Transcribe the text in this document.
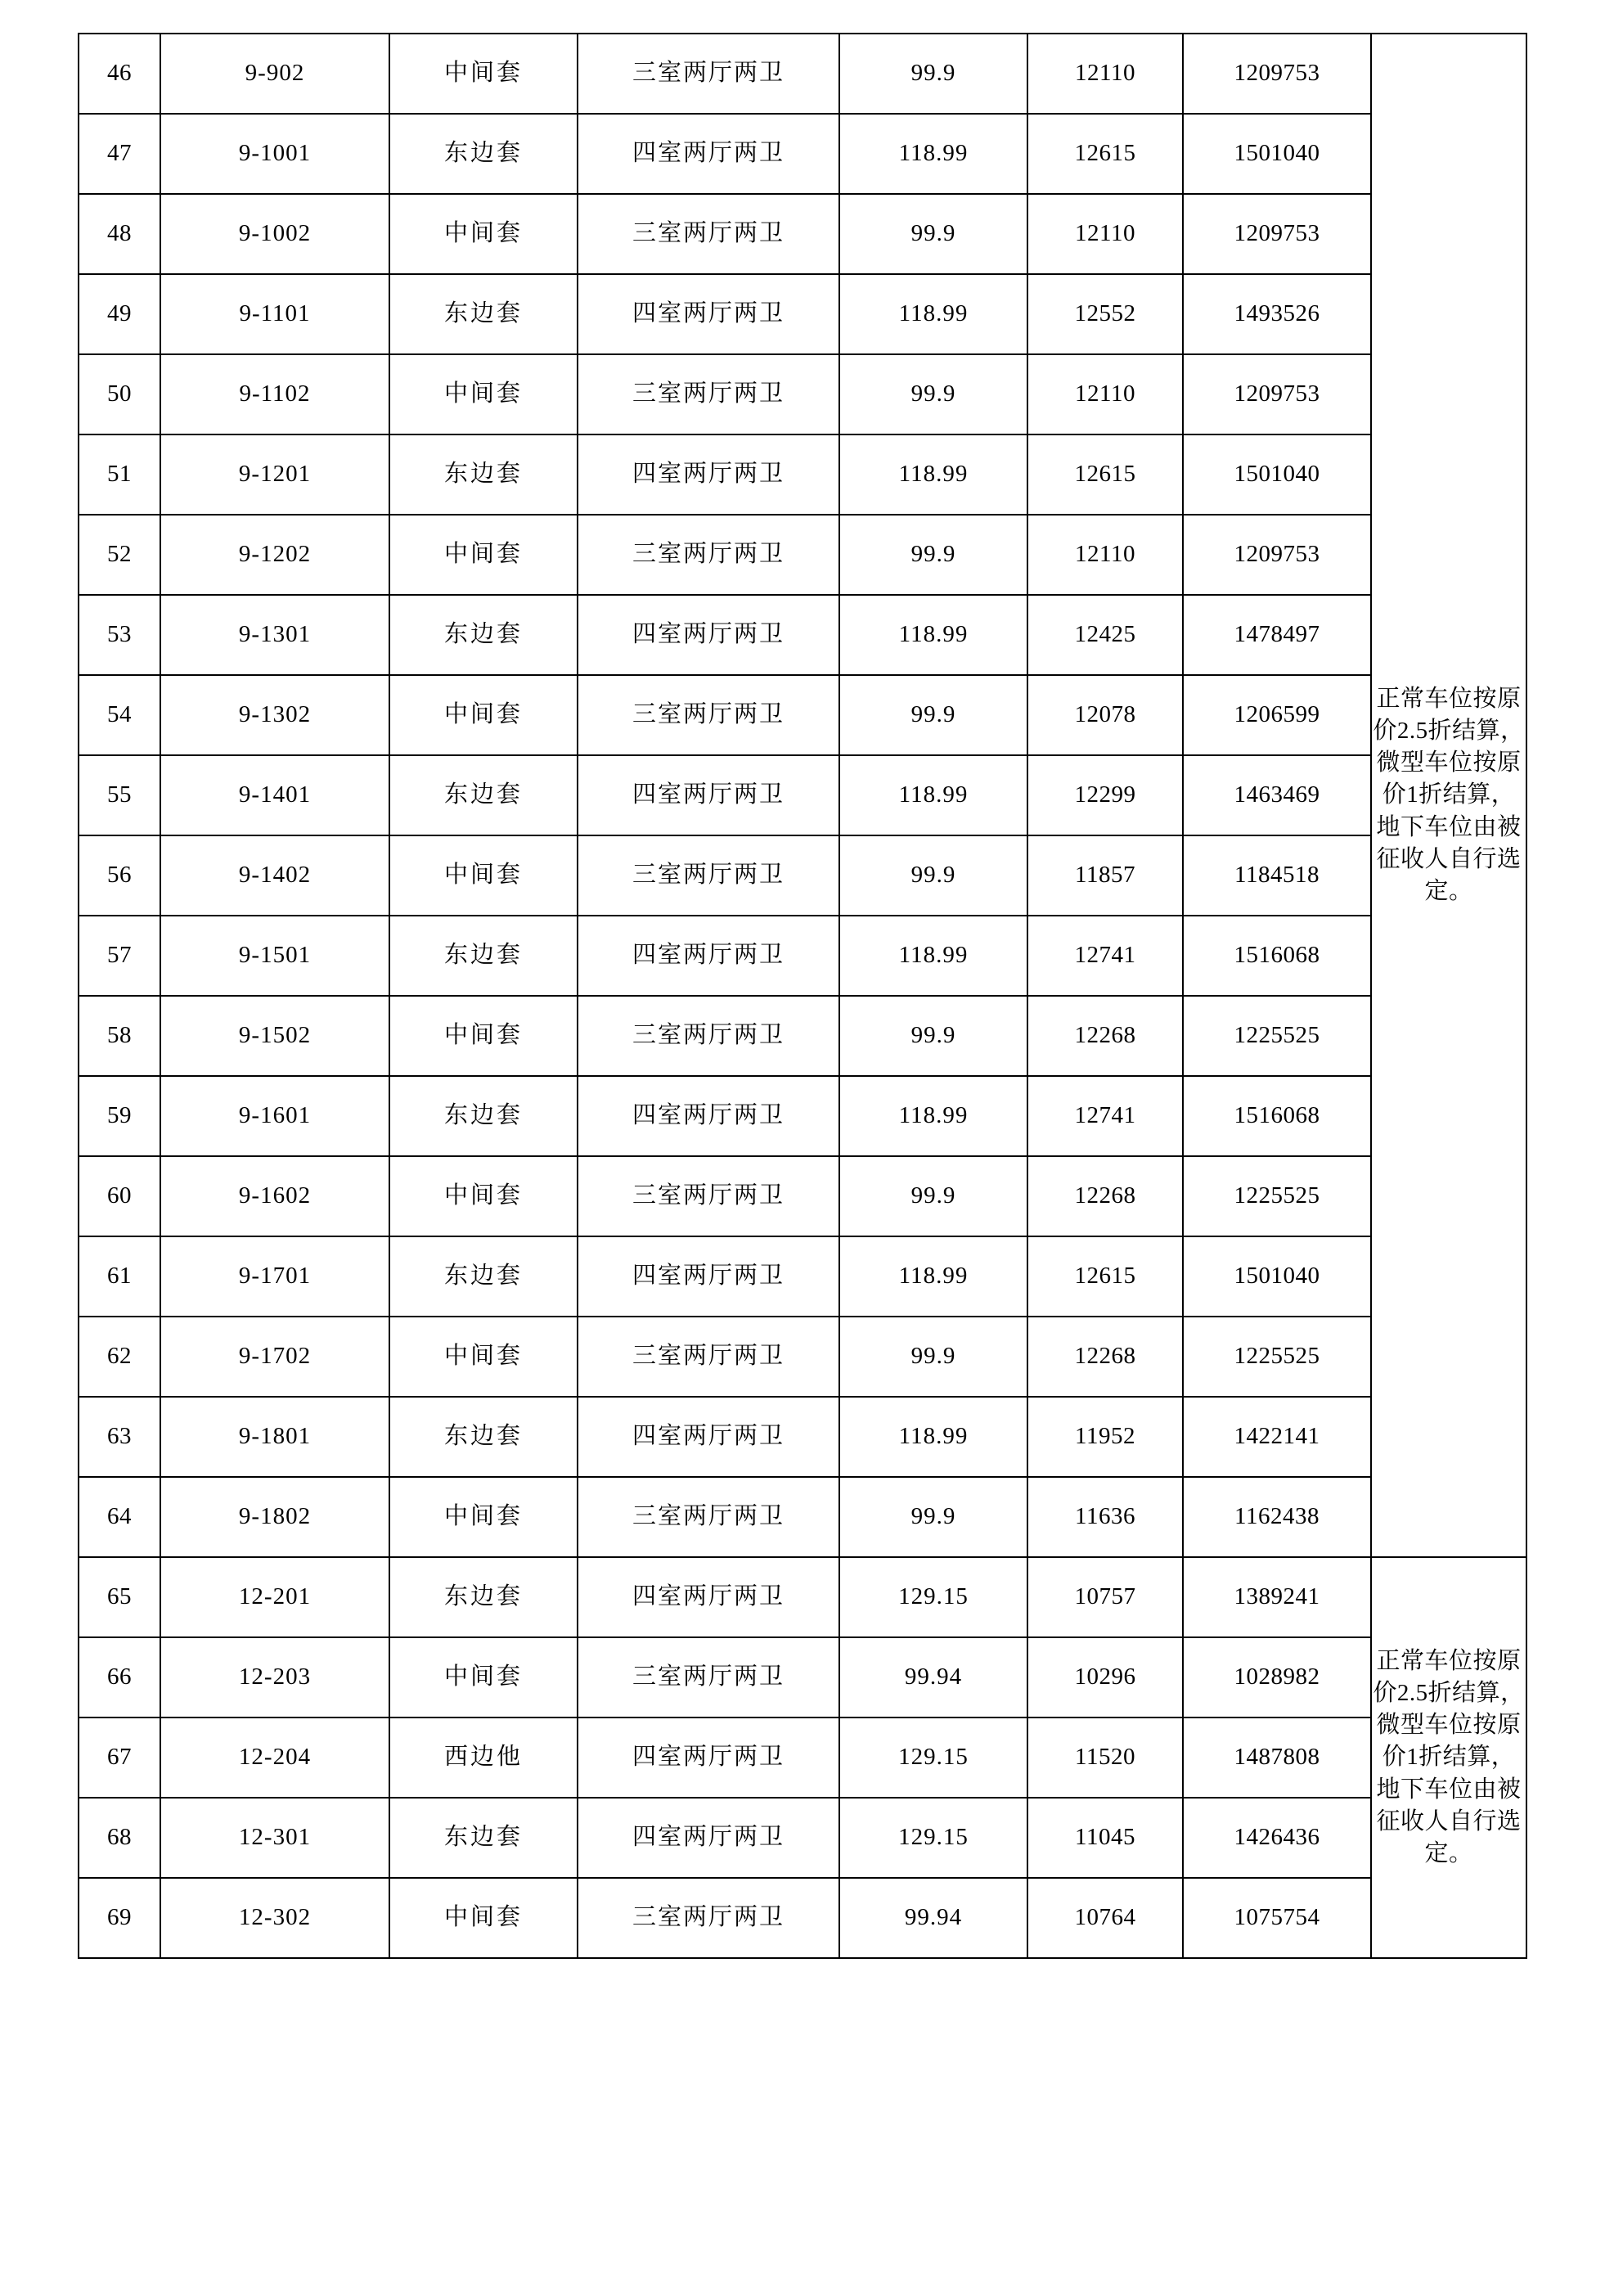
46	9-902	中间套	三室两厅两卫	99.9	12110	1209753	正常车位按原价2.5折结算，微型车位按原价1折结算，地下车位由被征收人自行选定。

47	9-1001	东边套	四室两厅两卫	118.99	12615	1501040	
48	9-1002	中间套	三室两厅两卫	99.9	12110	1209753	
49	9-1101	东边套	四室两厅两卫	118.99	12552	1493526	
50	9-1102	中间套	三室两厅两卫	99.9	12110	1209753	
51	9-1201	东边套	四室两厅两卫	118.99	12615	1501040	
52	9-1202	中间套	三室两厅两卫	99.9	12110	1209753	
53	9-1301	东边套	四室两厅两卫	118.99	12425	1478497	
54	9-1302	中间套	三室两厅两卫	99.9	12078	1206599	
55	9-1401	东边套	四室两厅两卫	118.99	12299	1463469	
56	9-1402	中间套	三室两厅两卫	99.9	11857	1184518	
57	9-1501	东边套	四室两厅两卫	118.99	12741	1516068	
58	9-1502	中间套	三室两厅两卫	99.9	12268	1225525	
59	9-1601	东边套	四室两厅两卫	118.99	12741	1516068	
60	9-1602	中间套	三室两厅两卫	99.9	12268	1225525	
61	9-1701	东边套	四室两厅两卫	118.99	12615	1501040	
62	9-1702	中间套	三室两厅两卫	99.9	12268	1225525	
63	9-1801	东边套	四室两厅两卫	118.99	11952	1422141	
64	9-1802	中间套	三室两厅两卫	99.9	11636	1162438	
65	12-201	东边套	四室两厅两卫	129.15	10757	1389241	正常车位按原价2.5折结算，微型车位按原价1折结算，地下车位由被征收人自行选定。

66	12-203	中间套	三室两厅两卫	99.94	10296	1028982	
67	12-204	西边他	四室两厅两卫	129.15	11520	1487808	
68	12-301	东边套	四室两厅两卫	129.15	11045	1426436	
69	12-302	中间套	三室两厅两卫	99.94	10764	1075754	
